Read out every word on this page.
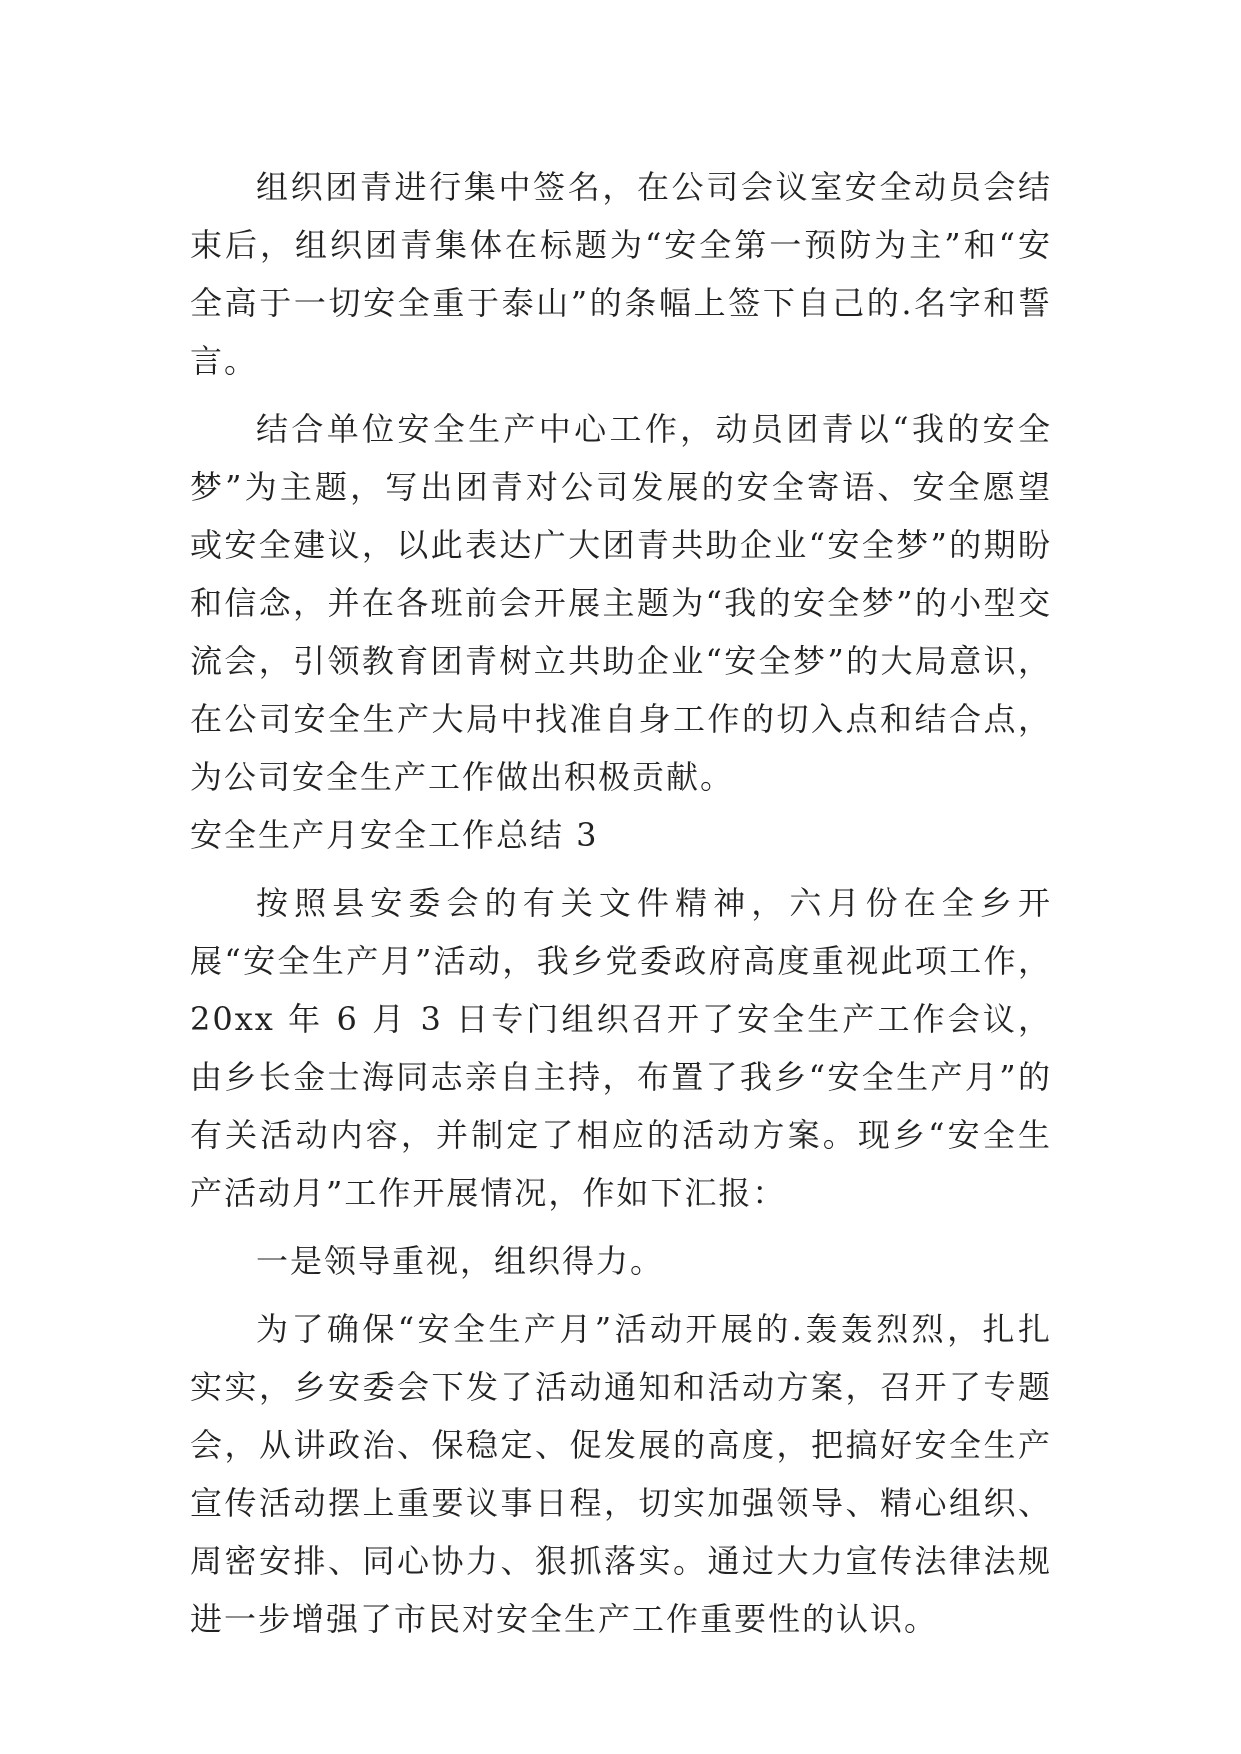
组织团青进行集中签名，在公司会议室安全动员会结束后，组织团青集体在标题为“安全第一预防为主”和“安全高于一切安全重于泰山”的条幅上签下自己的.名字和誓言。

结合单位安全生产中心工作，动员团青以“我的安全梦”为主题，写出团青对公司发展的安全寄语、安全愿望或安全建议，以此表达广大团青共助企业“安全梦”的期盼和信念，并在各班前会开展主题为“我的安全梦”的小型交流会，引领教育团青树立共助企业“安全梦”的大局意识，在公司安全生产大局中找准自身工作的切入点和结合点，为公司安全生产工作做出积极贡献。

安全生产月安全工作总结 3

按照县安委会的有关文件精神，六月份在全乡开展“安全生产月”活动，我乡党委政府高度重视此项工作，20xx 年 6 月 3 日专门组织召开了安全生产工作会议，由乡长金士海同志亲自主持，布置了我乡“安全生产月”的有关活动内容，并制定了相应的活动方案。现乡“安全生产活动月”工作开展情况，作如下汇报：

一是领导重视，组织得力。

为了确保“安全生产月”活动开展的.轰轰烈烈，扎扎实实，乡安委会下发了活动通知和活动方案，召开了专题会，从讲政治、保稳定、促发展的高度，把搞好安全生产宣传活动摆上重要议事日程，切实加强领导、精心组织、周密安排、同心协力、狠抓落实。通过大力宣传法律法规进一步增强了市民对安全生产工作重要性的认识。
